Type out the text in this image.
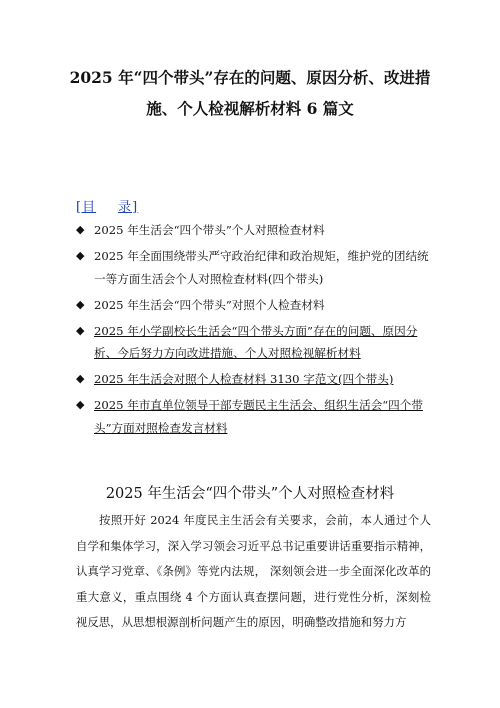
2025 年“四个带头”存在的问题、原因分析、改进措
施、个人检视解析材料 6 篇文
[目 录]
◆ 2025 年生活会“四个带头”个人对照检查材料
◆ 2025 年全面围绕带头严守政治纪律和政治规矩，维护党的团结统一等方面生活会个人对照检查材料(四个带头)
◆ 2025 年生活会“四个带头”对照个人检查材料
◆ 2025 年小学副校长生活会“四个带头方面”存在的问题、原因分析、今后努力方向改进措施、个人对照检视解析材料
◆ 2025 年生活会对照个人检查材料 3130 字范文(四个带头)
◆ 2025 年市直单位领导干部专题民主生活会、组织生活会“四个带头”方面对照检查发言材料
2025 年生活会“四个带头”个人对照检查材料

按照开好 2024 年度民主生活会有关要求，会前，本人通过个人自学和集体学习，深入学习领会习近平总书记重要讲话重要指示精神，认真学习党章、《条例》等党内法规， 深刻领会进一步全面深化改革的重大意义，重点围绕 4 个方面认真查摆问题，进行党性分析，深刻检视反思，从思想根源剖析问题产生的原因，明确整改措施和努力方
